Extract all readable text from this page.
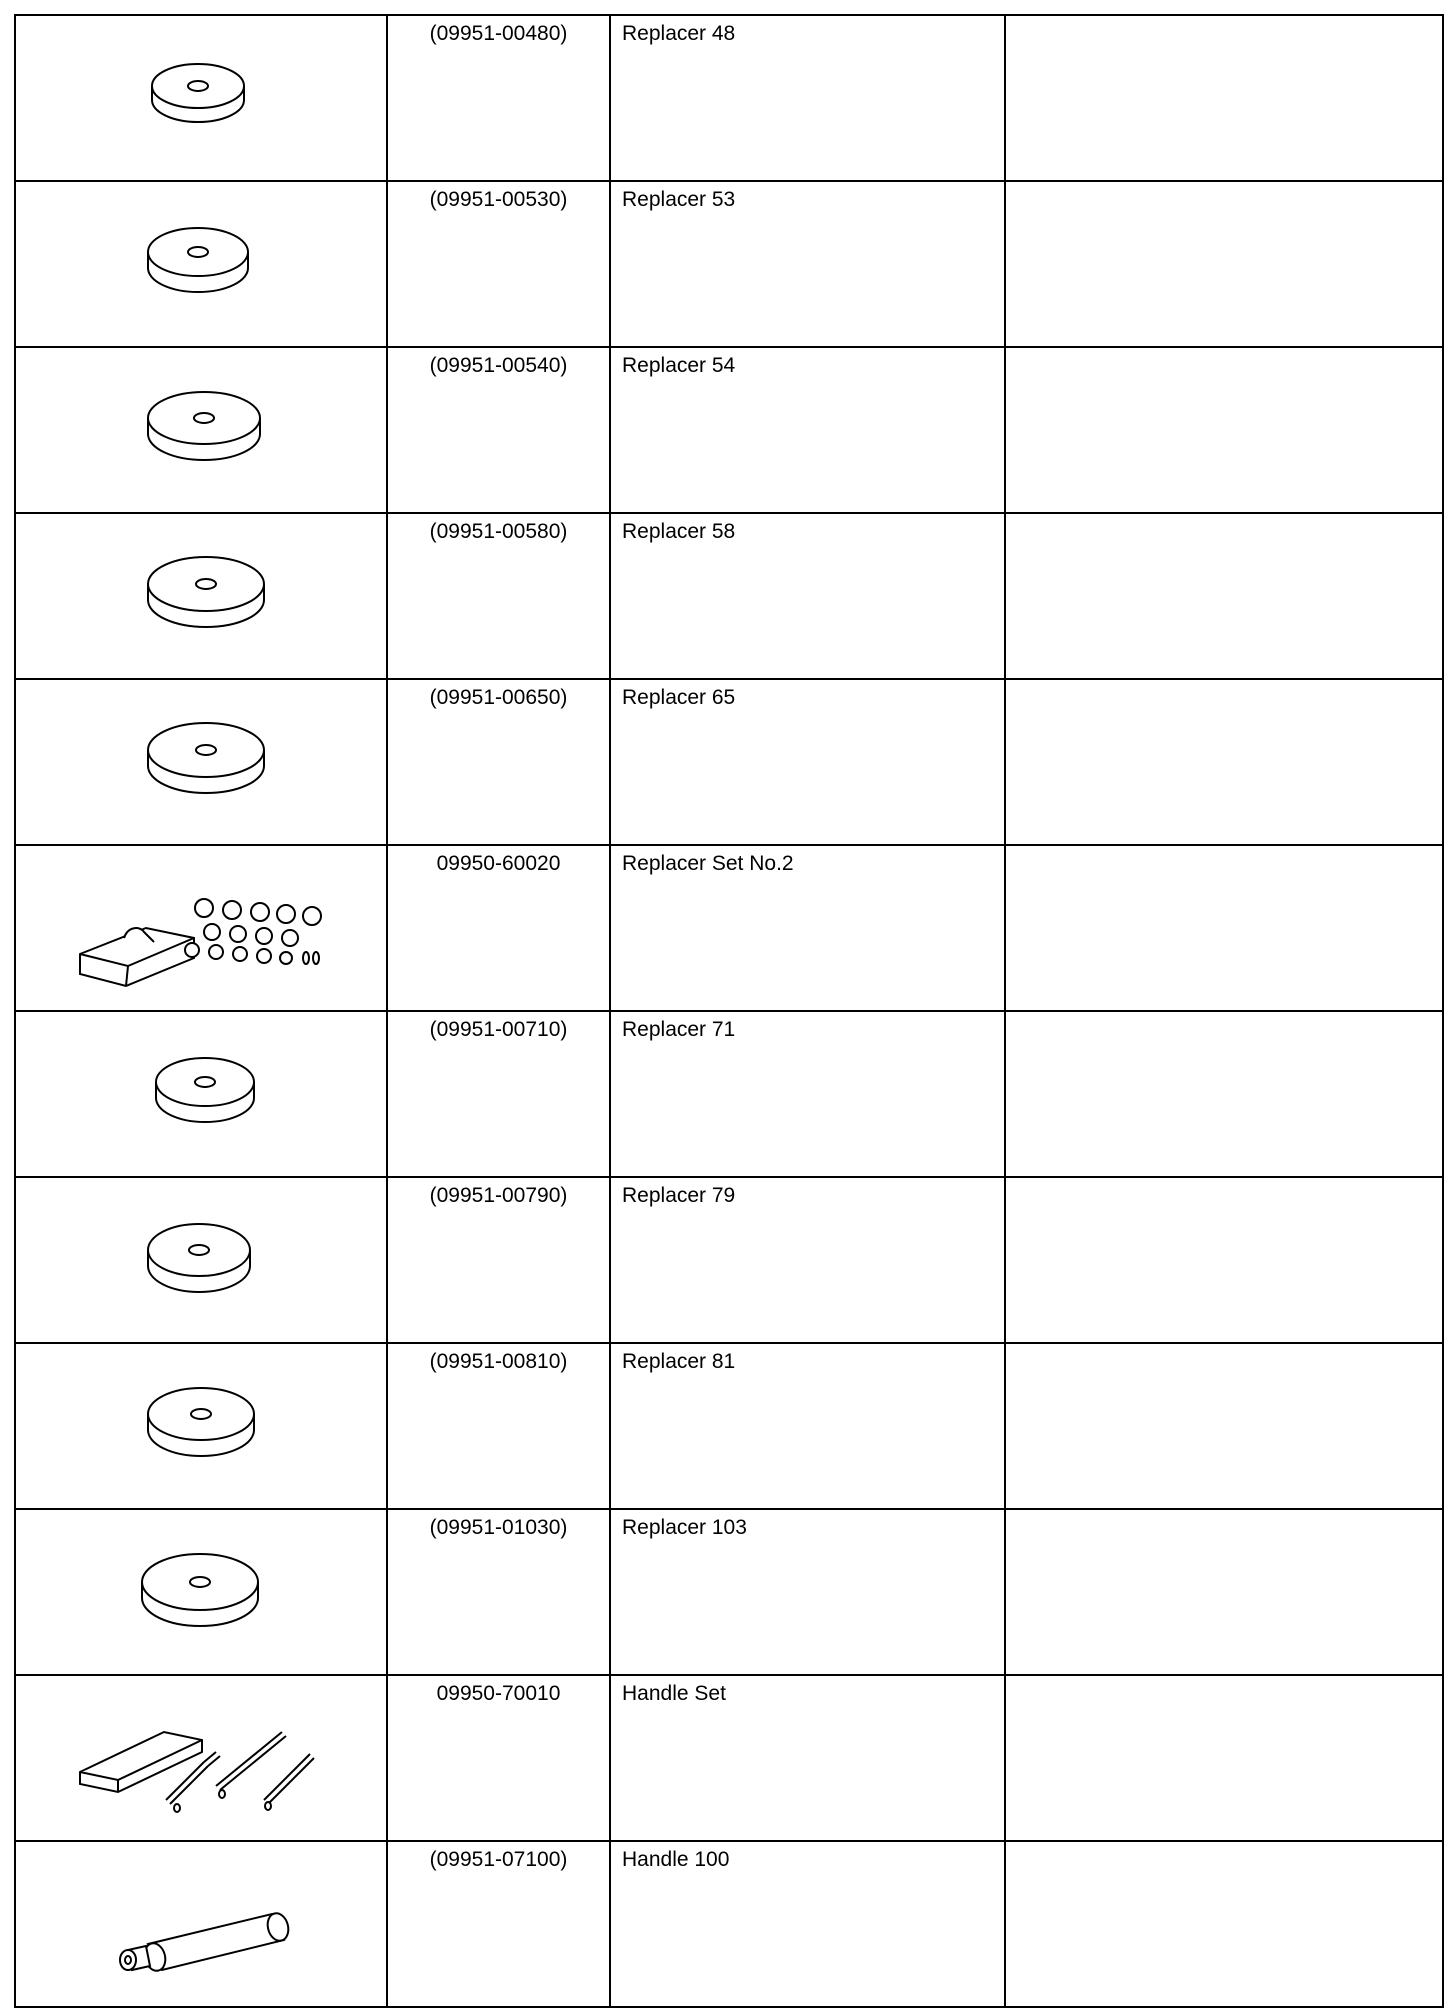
	(09951-00480)	Replacer 48	

	(09951-00530)	Replacer 53	

	(09951-00540)	Replacer 54	

	(09951-00580)	Replacer 58	

	(09951-00650)	Replacer 65	

	09950-60020	Replacer Set No.2	

	(09951-00710)	Replacer 71	

	(09951-00790)	Replacer 79	

	(09951-00810)	Replacer 81	

	(09951-01030)	Replacer 103	

	09950-70010	Handle Set	

	(09951-07100)	Handle 100	
